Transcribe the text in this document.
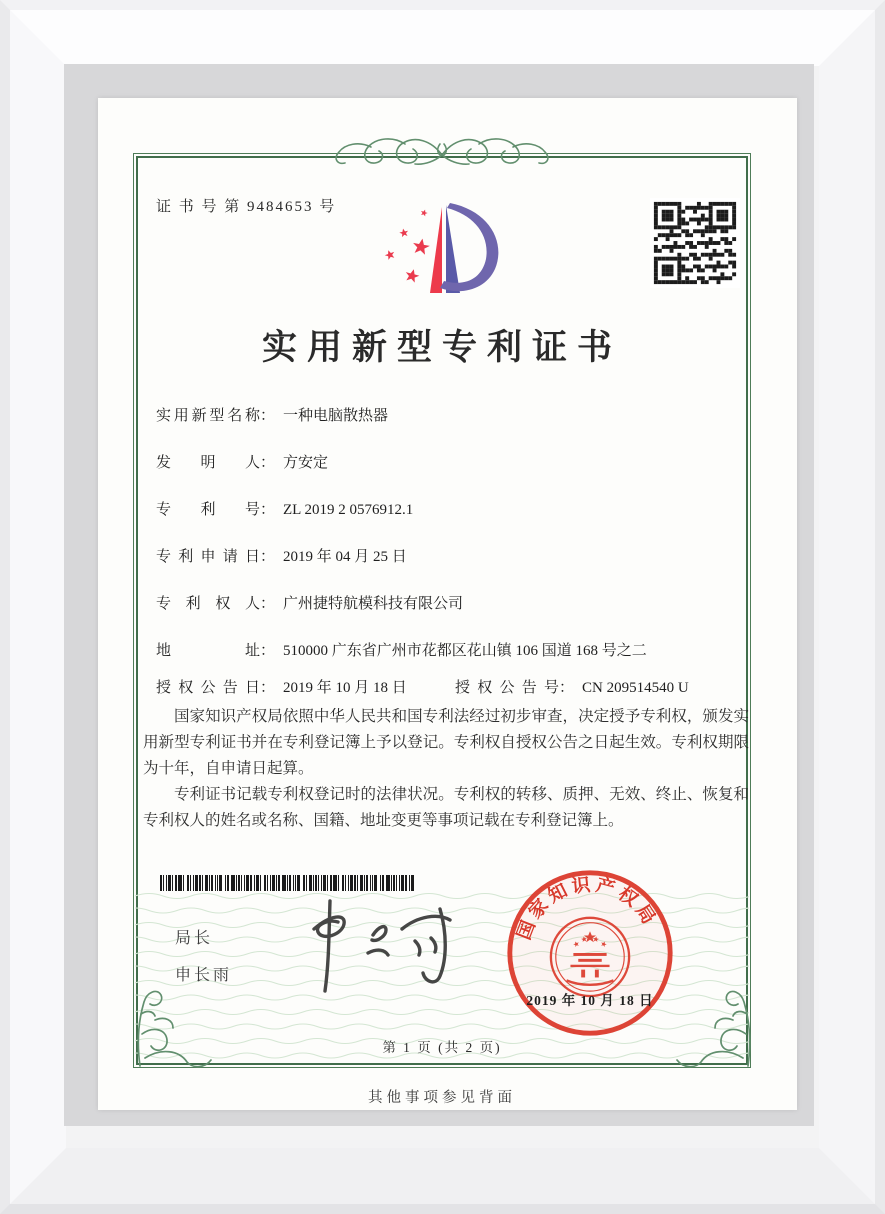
证 书 号 第 9484653 号
实用新型专利证书
实用新型名称： 一种电脑散热器
发明人： 方安定
专利号： ZL 2019 2 0576912.1
专利申请日： 2019 年 04 月 25 日
专利权人： 广州捷特航模科技有限公司
地址： 510000 广东省广州市花都区花山镇 106 国道 168 号之二
授权公告日： 2019 年 10 月 18 日	授权公告号： CN 209514540 U

国家知识产权局依照中华人民共和国专利法经过初步审查，决定授予专利权，颁发实用新型专利证书并在专利登记簿上予以登记。专利权自授权公告之日起生效。专利权期限为十年，自申请日起算。

专利证书记载专利权登记时的法律状况。专利权的转移、质押、无效、终止、恢复和专利权人的姓名或名称、国籍、地址变更等事项记载在专利登记簿上。

局长
申长雨
国家知识产权局
2019 年 10 月 18 日
第 1 页 (共 2 页)
其他事项参见背面
